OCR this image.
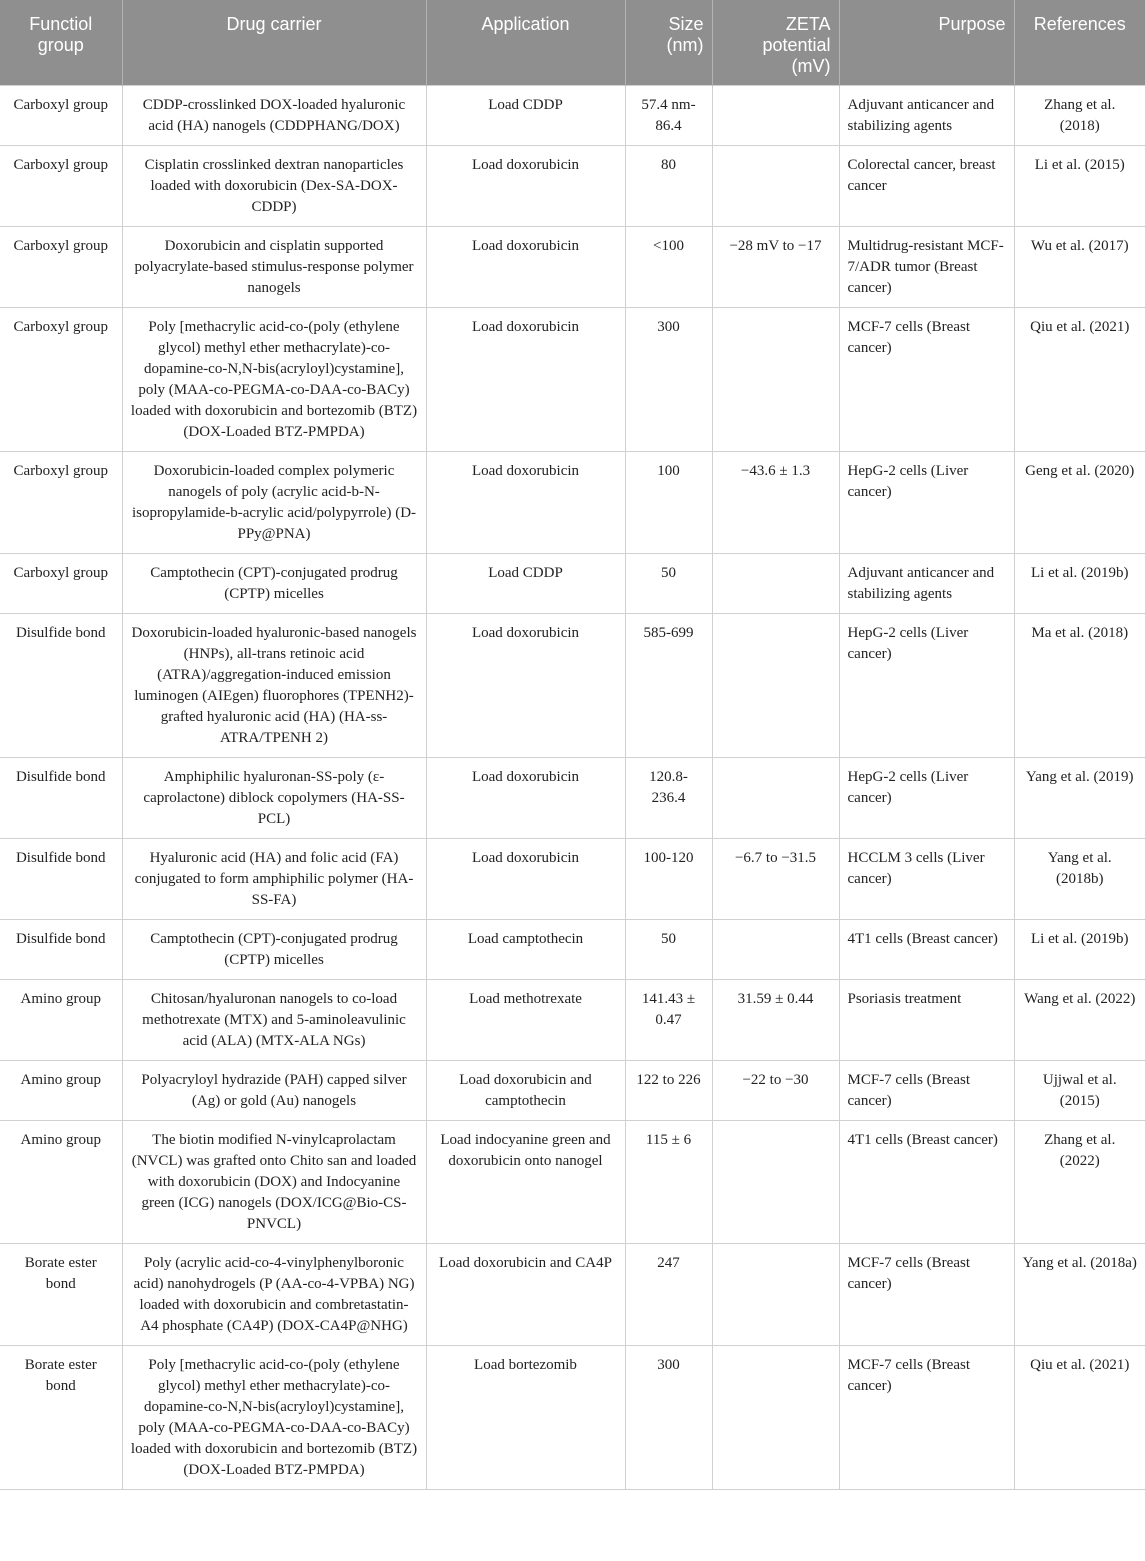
Functiol group	Drug carrier	Application	Size (nm)	ZETA potential (mV)	Purpose	References
Carboxyl group	CDDP-crosslinked DOX-loaded hyaluronic acid (HA) nanogels (CDDPHANG/DOX)	Load CDDP	57.4 nm-86.4		Adjuvant anticancer and stabilizing agents	Zhang et al. (2018)
Carboxyl group	Cisplatin crosslinked dextran nanoparticles loaded with doxorubicin (Dex-SA-DOX-CDDP)	Load doxorubicin	80		Colorectal cancer, breast cancer	Li et al. (2015)
Carboxyl group	Doxorubicin and cisplatin supported polyacrylate-based stimulus-response polymer nanogels	Load doxorubicin	<100	−28 mV to −17	Multidrug-resistant MCF-7/ADR tumor (Breast cancer)	Wu et al. (2017)
Carboxyl group	Poly [methacrylic acid-co-(poly (ethylene glycol) methyl ether methacrylate)-co-dopamine-co-N,N-bis(acryloyl)cystamine], poly (MAA-co-PEGMA-co-DAA-co-BACy) loaded with doxorubicin and bortezomib (BTZ) (DOX-Loaded BTZ-PMPDA)	Load doxorubicin	300		MCF-7 cells (Breast cancer)	Qiu et al. (2021)
Carboxyl group	Doxorubicin-loaded complex polymeric nanogels of poly (acrylic acid-b-N-isopropylamide-b-acrylic acid/polypyrrole) (D-PPy@PNA)	Load doxorubicin	100	−43.6 ± 1.3	HepG-2 cells (Liver cancer)	Geng et al. (2020)
Carboxyl group	Camptothecin (CPT)-conjugated prodrug (CPTP) micelles	Load CDDP	50		Adjuvant anticancer and stabilizing agents	Li et al. (2019b)
Disulfide bond	Doxorubicin-loaded hyaluronic-based nanogels (HNPs), all-trans retinoic acid (ATRA)/aggregation-induced emission luminogen (AIEgen) fluorophores (TPENH2)-grafted hyaluronic acid (HA) (HA-ss-ATRA/TPENH 2)	Load doxorubicin	585-699		HepG-2 cells (Liver cancer)	Ma et al. (2018)
Disulfide bond	Amphiphilic hyaluronan-SS-poly (ε-caprolactone) diblock copolymers (HA-SS-PCL)	Load doxorubicin	120.8-236.4		HepG-2 cells (Liver cancer)	Yang et al. (2019)
Disulfide bond	Hyaluronic acid (HA) and folic acid (FA) conjugated to form amphiphilic polymer (HA-SS-FA)	Load doxorubicin	100-120	−6.7 to −31.5	HCCLM 3 cells (Liver cancer)	Yang et al. (2018b)
Disulfide bond	Camptothecin (CPT)-conjugated prodrug (CPTP) micelles	Load camptothecin	50		4T1 cells (Breast cancer)	Li et al. (2019b)
Amino group	Chitosan/hyaluronan nanogels to co-load methotrexate (MTX) and 5-aminoleavulinic acid (ALA) (MTX-ALA NGs)	Load methotrexate	141.43 ± 0.47	31.59 ± 0.44	Psoriasis treatment	Wang et al. (2022)
Amino group	Polyacryloyl hydrazide (PAH) capped silver (Ag) or gold (Au) nanogels	Load doxorubicin and camptothecin	122 to 226	−22 to −30	MCF-7 cells (Breast cancer)	Ujjwal et al. (2015)
Amino group	The biotin modified N-vinylcaprolactam (NVCL) was grafted onto Chito san and loaded with doxorubicin (DOX) and Indocyanine green (ICG) nanogels (DOX/ICG@Bio-CS-PNVCL)	Load indocyanine green and doxorubicin onto nanogel	115 ± 6		4T1 cells (Breast cancer)	Zhang et al. (2022)
Borate ester bond	Poly (acrylic acid-co-4-vinylphenylboronic acid) nanohydrogels (P (AA-co-4-VPBA) NG) loaded with doxorubicin and combretastatin-A4 phosphate (CA4P) (DOX-CA4P@NHG)	Load doxorubicin and CA4P	247		MCF-7 cells (Breast cancer)	Yang et al. (2018a)
Borate ester bond	Poly [methacrylic acid-co-(poly (ethylene glycol) methyl ether methacrylate)-co-dopamine-co-N,N-bis(acryloyl)cystamine], poly (MAA-co-PEGMA-co-DAA-co-BACy) loaded with doxorubicin and bortezomib (BTZ) (DOX-Loaded BTZ-PMPDA)	Load bortezomib	300		MCF-7 cells (Breast cancer)	Qiu et al. (2021)
